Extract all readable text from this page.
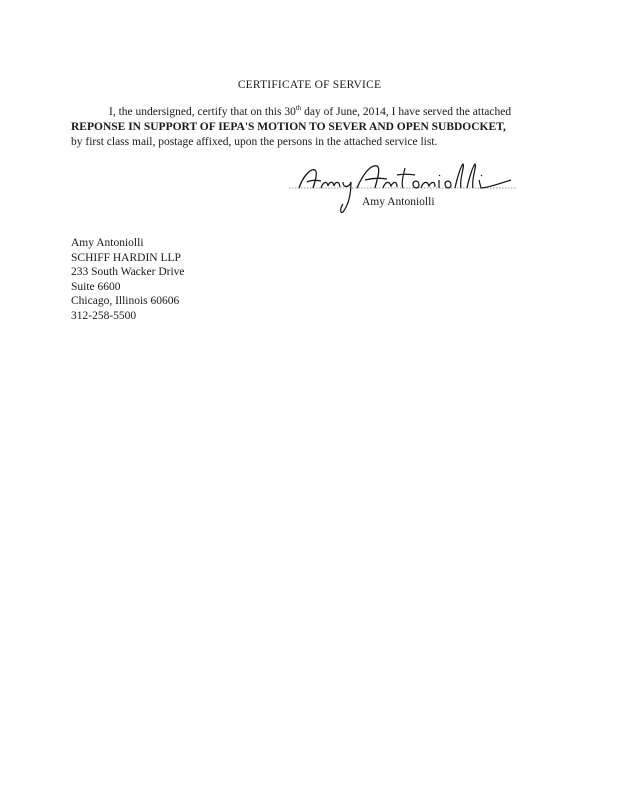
CERTIFICATE OF SERVICE
I, the undersigned, certify that on this 30th day of June, 2014, I have served the attached
REPONSE IN SUPPORT OF IEPA'S MOTION TO SEVER AND OPEN SUBDOCKET,
by first class mail, postage affixed, upon the persons in the attached service list.
Amy Antoniolli
Amy Antoniolli
SCHIFF HARDIN LLP
233 South Wacker Drive
Suite 6600
Chicago, Illinois 60606
312-258-5500
